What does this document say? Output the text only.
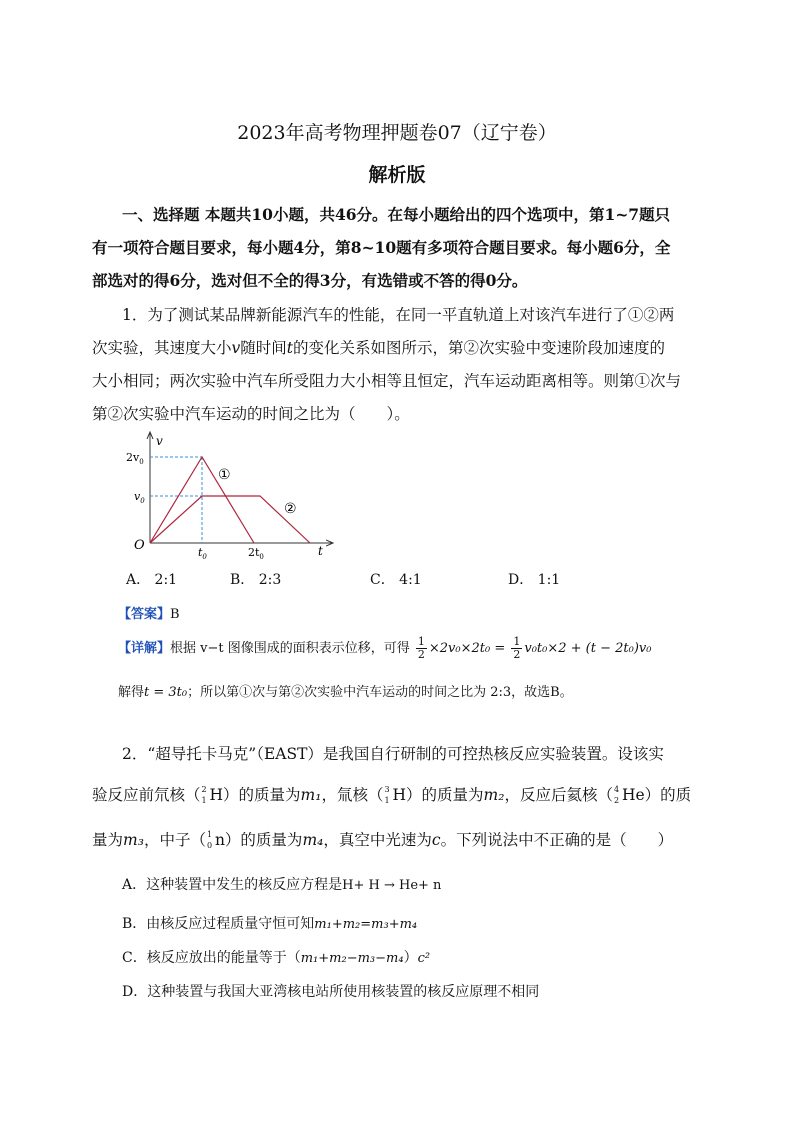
2023年高考物理押题卷07（辽宁卷）
解析版
一、选择题 本题共10小题，共46分。在每小题给出的四个选项中，第1~7题只
有一项符合题目要求，每小题4分，第8~10题有多项符合题目要求。每小题6分，全
部选对的得6分，选对但不全的得3分，有选错或不答的得0分。
1．为了测试某品牌新能源汽车的性能，在同一平直轨道上对该汽车进行了①②两
次实验，其速度大小v随时间t的变化关系如图所示，第②次实验中变速阶段加速度的
大小相同；两次实验中汽车所受阻力大小相等且恒定，汽车运动距离相等。则第①次与
第②次实验中汽车运动的时间之比为（　　）。
v
t
O
$2v_0$
$v_0$
$t_0$	$2t_0$
①
②
A． 2:1	B． 2:3	C． 4:1	D． 1:1
【答案】B
【详解】根据 v−t 图像围成的面积表示位移，可得 $\frac{1}{2} \times 2v_0\times 2t_0 = \frac{1}{2} v_0t_0\times 2 + (t - 2t_0)v_0$
解得t = 3t₀；所以第①次与第②次实验中汽车运动的时间之比为 2:3，故选B。
2．“超导托卡马克”（EAST）是我国自行研制的可控热核反应实验装置。设该实
验反应前氘核（ 2
1 H）的质量为m₁，氚核（ 3
1 H）的质量为m₂，反应后氦核（ 4
2 He）的质
量为m₃，中子（ 1
0 n）的质量为m₄，真空中光速为c。下列说法中不正确的是（　　）
A．这种装置中发生的核反应方程是H+ H → He+ n
B．由核反应过程质量守恒可知m₁+m₂=m₃+m₄
C．核反应放出的能量等于（m₁+m₂−m₃−m₄）c²
D．这种装置与我国大亚湾核电站所使用核装置的核反应原理不相同
